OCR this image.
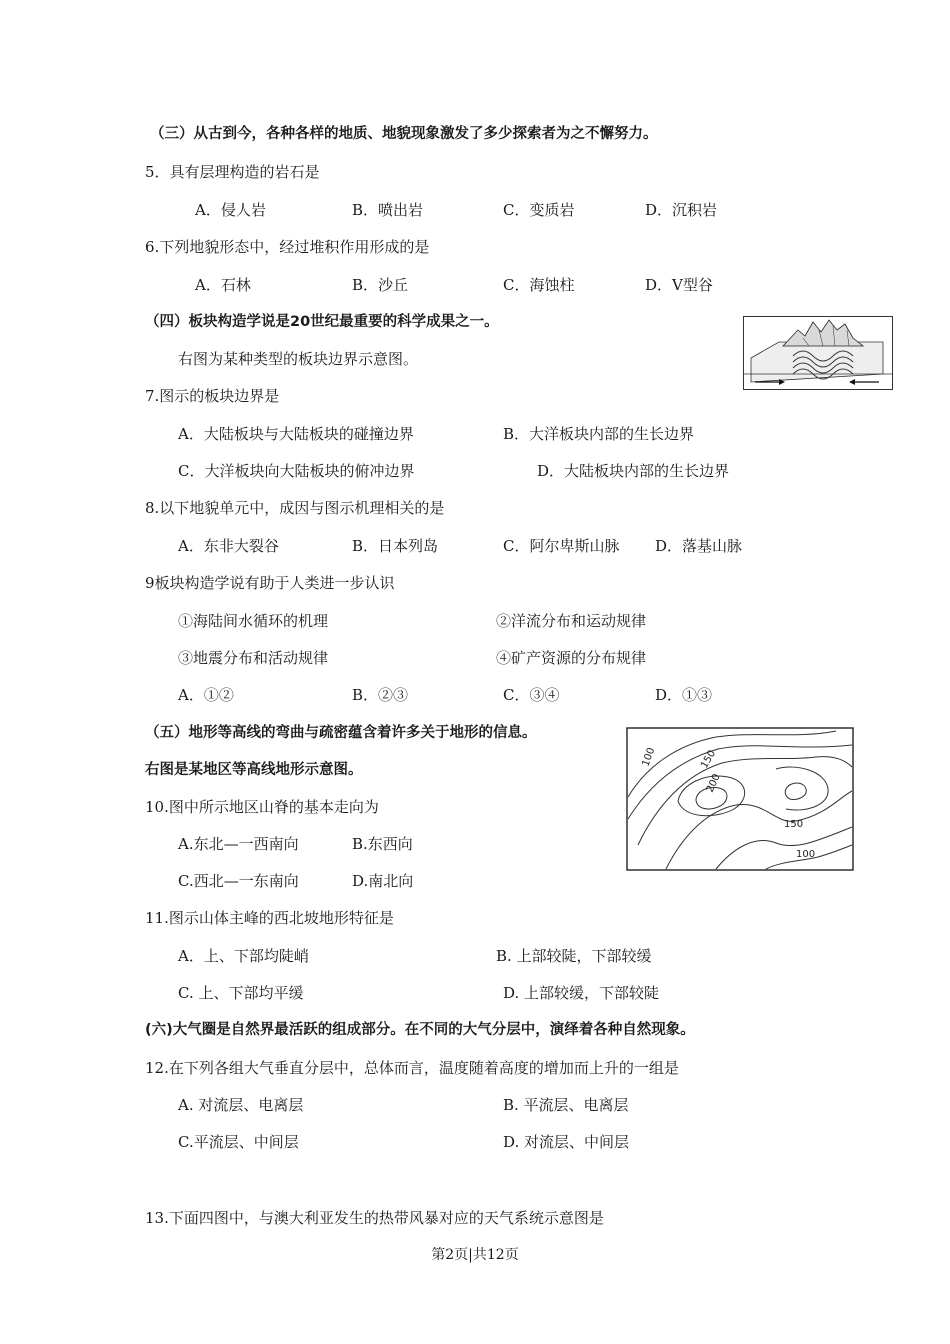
（三）从古到今，各种各样的地质、地貌现象激发了多少探索者为之不懈努力。
5．具有层理构造的岩石是
A．侵人岩	B．喷出岩	C．变质岩	D．沉积岩
6.下列地貌形态中，经过堆积作用形成的是
A．石林	B．沙丘	C．海蚀柱	D．V型谷
（四）板块构造学说是20世纪最重要的科学成果之一。
右图为某种类型的板块边界示意图。
7.图示的板块边界是
A．大陆板块与大陆板块的碰撞边界	B．大洋板块内部的生长边界
C．大洋板块向大陆板块的俯冲边界	D．大陆板块内部的生长边界
8.以下地貌单元中，成因与图示机理相关的是
A．东非大裂谷	B．日本列岛	C．阿尔卑斯山脉 D．落基山脉
9板块构造学说有助于人类进一步认识
①海陆间水循环的机理	②洋流分布和运动规律
③地震分布和活动规律	④矿产资源的分布规律
A．①②	B．②③	C．③④	D．①③
（五）地形等高线的弯曲与疏密蕴含着许多关于地形的信息。
右图是某地区等高线地形示意图。
100	150
200
150
100
10.图中所示地区山脊的基本走向为
A.东北—一西南向	B.东西向
C.西北—一东南向	D.南北向
11.图示山体主峰的西北坡地形特征是
A．上、下部均陡峭	B. 上部较陡，下部较缓
C. 上、下部均平缓	D. 上部较缓，下部较陡
(六)大气圈是自然界最活跃的组成部分。在不同的大气分层中，演绎着各种自然现象。
12.在下列各组大气垂直分层中，总体而言，温度随着高度的增加而上升的一组是
A. 对流层、电离层	B. 平流层、电离层
C.平流层、中间层	D. 对流层、中间层
13.下面四图中，与澳大利亚发生的热带风暴对应的天气系统示意图是
第2页|共12页
